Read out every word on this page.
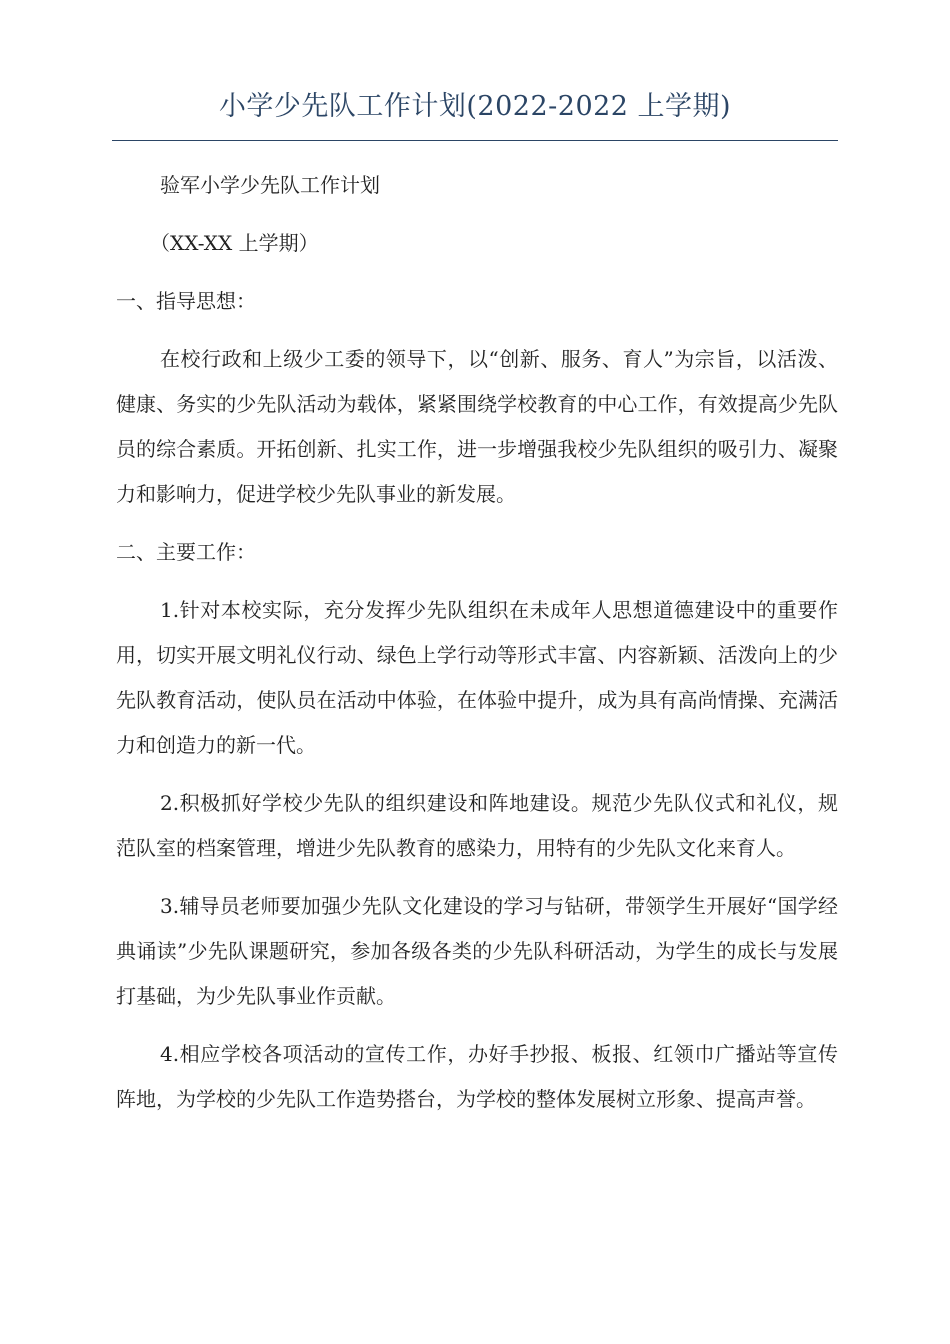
小学少先队工作计划(2022-2022 上学期)

验军小学少先队工作计划

（XX-XX 上学期）

一、指导思想：

在校行政和上级少工委的领导下，以“创新、服务、育人”为宗旨，以活泼、健康、务实的少先队活动为载体，紧紧围绕学校教育的中心工作，有效提高少先队员的综合素质。开拓创新、扎实工作，进一步增强我校少先队组织的吸引力、凝聚力和影响力，促进学校少先队事业的新发展。

二、主要工作：

1.针对本校实际，充分发挥少先队组织在未成年人思想道德建设中的重要作用，切实开展文明礼仪行动、绿色上学行动等形式丰富、内容新颖、活泼向上的少先队教育活动，使队员在活动中体验，在体验中提升，成为具有高尚情操、充满活力和创造力的新一代。

2.积极抓好学校少先队的组织建设和阵地建设。规范少先队仪式和礼仪，规范队室的档案管理，增进少先队教育的感染力，用特有的少先队文化来育人。

3.辅导员老师要加强少先队文化建设的学习与钻研，带领学生开展好“国学经典诵读”少先队课题研究，参加各级各类的少先队科研活动，为学生的成长与发展打基础，为少先队事业作贡献。

4.相应学校各项活动的宣传工作，办好手抄报、板报、红领巾广播站等宣传阵地，为学校的少先队工作造势搭台，为学校的整体发展树立形象、提高声誉。
